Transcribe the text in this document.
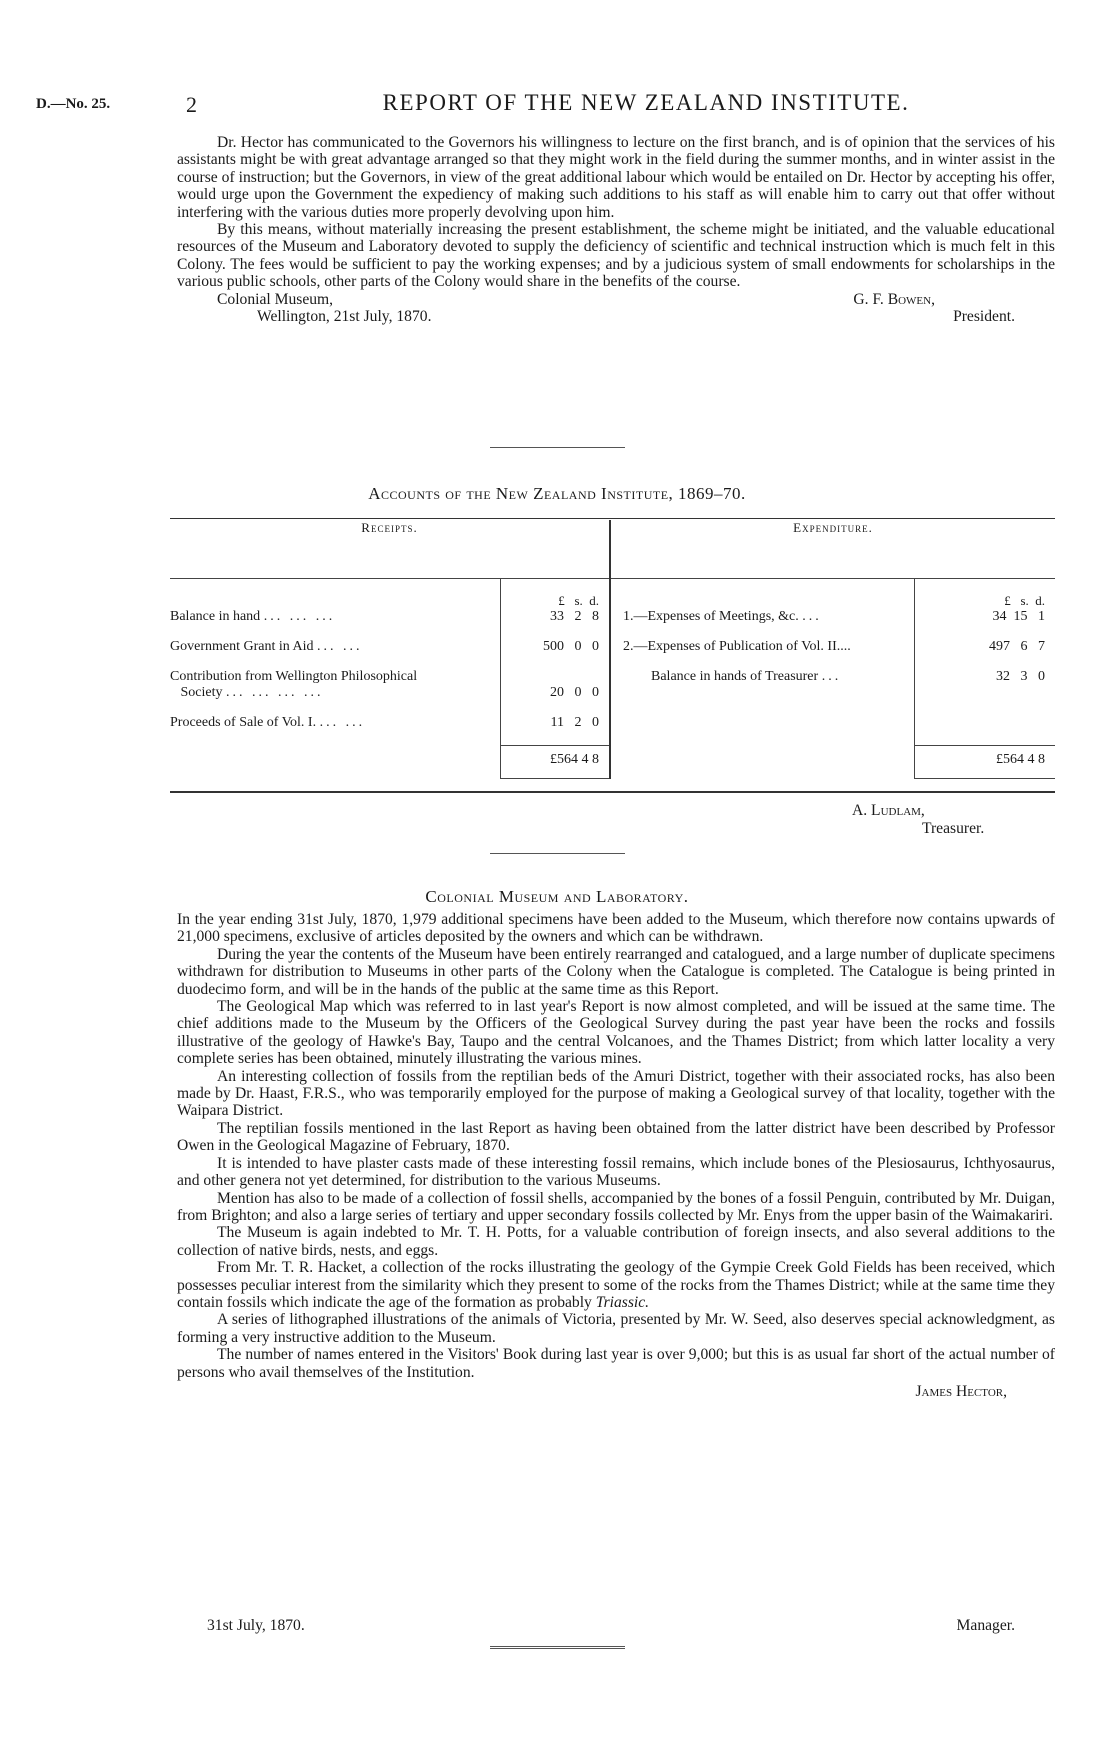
D.—No. 25.	2	REPORT OF THE NEW ZEALAND INSTITUTE.

Dr. Hector has communicated to the Governors his willingness to lecture on the first branch, and is of opinion that the services of his assistants might be with great advantage arranged so that they might work in the field during the summer months, and in winter assist in the course of instruction; but the Governors, in view of the great additional labour which would be entailed on Dr. Hector by accepting his offer, would urge upon the Government the expediency of making such additions to his staff as will enable him to carry out that offer without interfering with the various duties more properly devolving upon him.

By this means, without materially increasing the present establishment, the scheme might be initiated, and the valuable educational resources of the Museum and Laboratory devoted to supply the deficiency of scientific and technical instruction which is much felt in this Colony. The fees would be sufficient to pay the working expenses; and by a judicious system of small endowments for scholarships in the various public schools, other parts of the Colony would share in the benefits of the course.

Colonial Museum,	G. F. Bowen,
Wellington, 21st July, 1870.	President.
Accounts of the New Zealand Institute, 1869–70.
Receipts.		Expenditure.	

	£ s. d.		£ s. d.
Balance in hand ... ... ...	33 2 8	1.—Expenses of Meetings, &c. ...	34 15 1

Government Grant in Aid ... ...	500 0 0	2.—Expenses of Publication of Vol. II....	497 6 7

Contribution from Wellington Philosophical
Society ... ... ... ...	20 0 0	Balance in hands of Treasurer ...	32 3 0

Proceeds of Sale of Vol. I. ... ...	11 2 0		

	£564 4 8		£564 4 8
A. Ludlam,
Treasurer.
Colonial Museum and Laboratory.

In the year ending 31st July, 1870, 1,979 additional specimens have been added to the Museum, which therefore now contains upwards of 21,000 specimens, exclusive of articles deposited by the owners and which can be withdrawn.

During the year the contents of the Museum have been entirely rearranged and catalogued, and a large number of duplicate specimens withdrawn for distribution to Museums in other parts of the Colony when the Catalogue is completed. The Catalogue is being printed in duodecimo form, and will be in the hands of the public at the same time as this Report.

The Geological Map which was referred to in last year's Report is now almost completed, and will be issued at the same time. The chief additions made to the Museum by the Officers of the Geological Survey during the past year have been the rocks and fossils illustrative of the geology of Hawke's Bay, Taupo and the central Volcanoes, and the Thames District; from which latter locality a very complete series has been obtained, minutely illustrating the various mines.

An interesting collection of fossils from the reptilian beds of the Amuri District, together with their associated rocks, has also been made by Dr. Haast, F.R.S., who was temporarily employed for the purpose of making a Geological survey of that locality, together with the Waipara District.

The reptilian fossils mentioned in the last Report as having been obtained from the latter district have been described by Professor Owen in the Geological Magazine of February, 1870.

It is intended to have plaster casts made of these interesting fossil remains, which include bones of the Plesiosaurus, Ichthyosaurus, and other genera not yet determined, for distribution to the various Museums.

Mention has also to be made of a collection of fossil shells, accompanied by the bones of a fossil Penguin, contributed by Mr. Duigan, from Brighton; and also a large series of tertiary and upper secondary fossils collected by Mr. Enys from the upper basin of the Waimakariri.

The Museum is again indebted to Mr. T. H. Potts, for a valuable contribution of foreign insects, and also several additions to the collection of native birds, nests, and eggs.

From Mr. T. R. Hacket, a collection of the rocks illustrating the geology of the Gympie Creek Gold Fields has been received, which possesses peculiar interest from the similarity which they present to some of the rocks from the Thames District; while at the same time they contain fossils which indicate the age of the formation as probably Triassic.

A series of lithographed illustrations of the animals of Victoria, presented by Mr. W. Seed, also deserves special acknowledgment, as forming a very instructive addition to the Museum.

The number of names entered in the Visitors' Book during last year is over 9,000; but this is as usual far short of the actual number of persons who avail themselves of the Institution.

James Hector,
31st July, 1870.	Manager.
